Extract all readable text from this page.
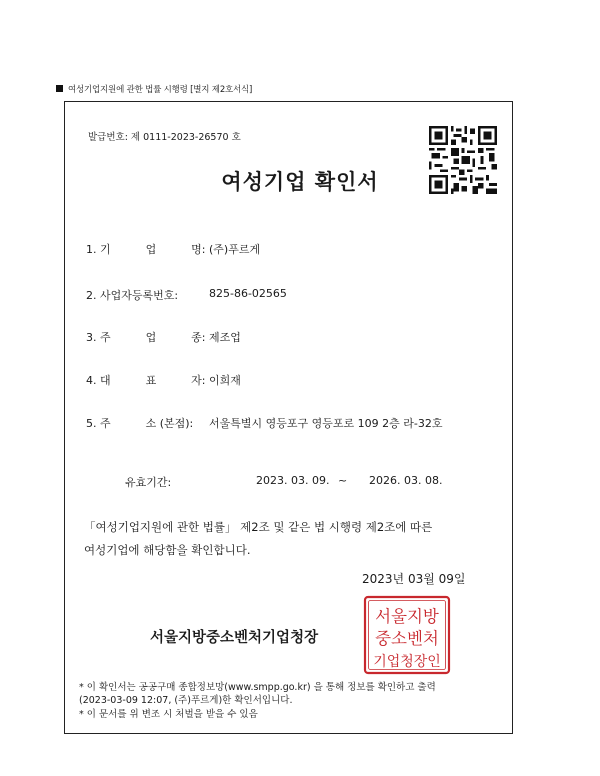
여성기업지원에 관한 법률 시행령 [별지 제2호서식]
발급번호: 제 0111-2023-26570 호
여성기업 확인서
1. 기          업          명: (주)푸르게
2. 사업자등록번호:	825-86-02565
3. 주          업          종: 제조업
4. 대          표          자: 이희재
5. 주          소 (본점): 서울특별시 영등포구 영등포로 109 2층 라-32호
유효기간:	2023. 03. 09. ~ 2026. 03. 08.
「여성기업지원에 관한 법률」 제2조 및 같은 법 시행령 제2조에 따른
여성기업에 해당함을 확인합니다.
2023년 03월 09일
서울지방중소벤처기업청장
서울지방
중소벤처
기업청장인
* 이 확인서는 공공구매 종합정보망(www.smpp.go.kr) 을 통해 정보를 확인하고 출력
(2023-03-09 12:07, (주)푸르게)한 확인서입니다.
* 이 문서를 위 변조 시 처벌을 받을 수 있음
